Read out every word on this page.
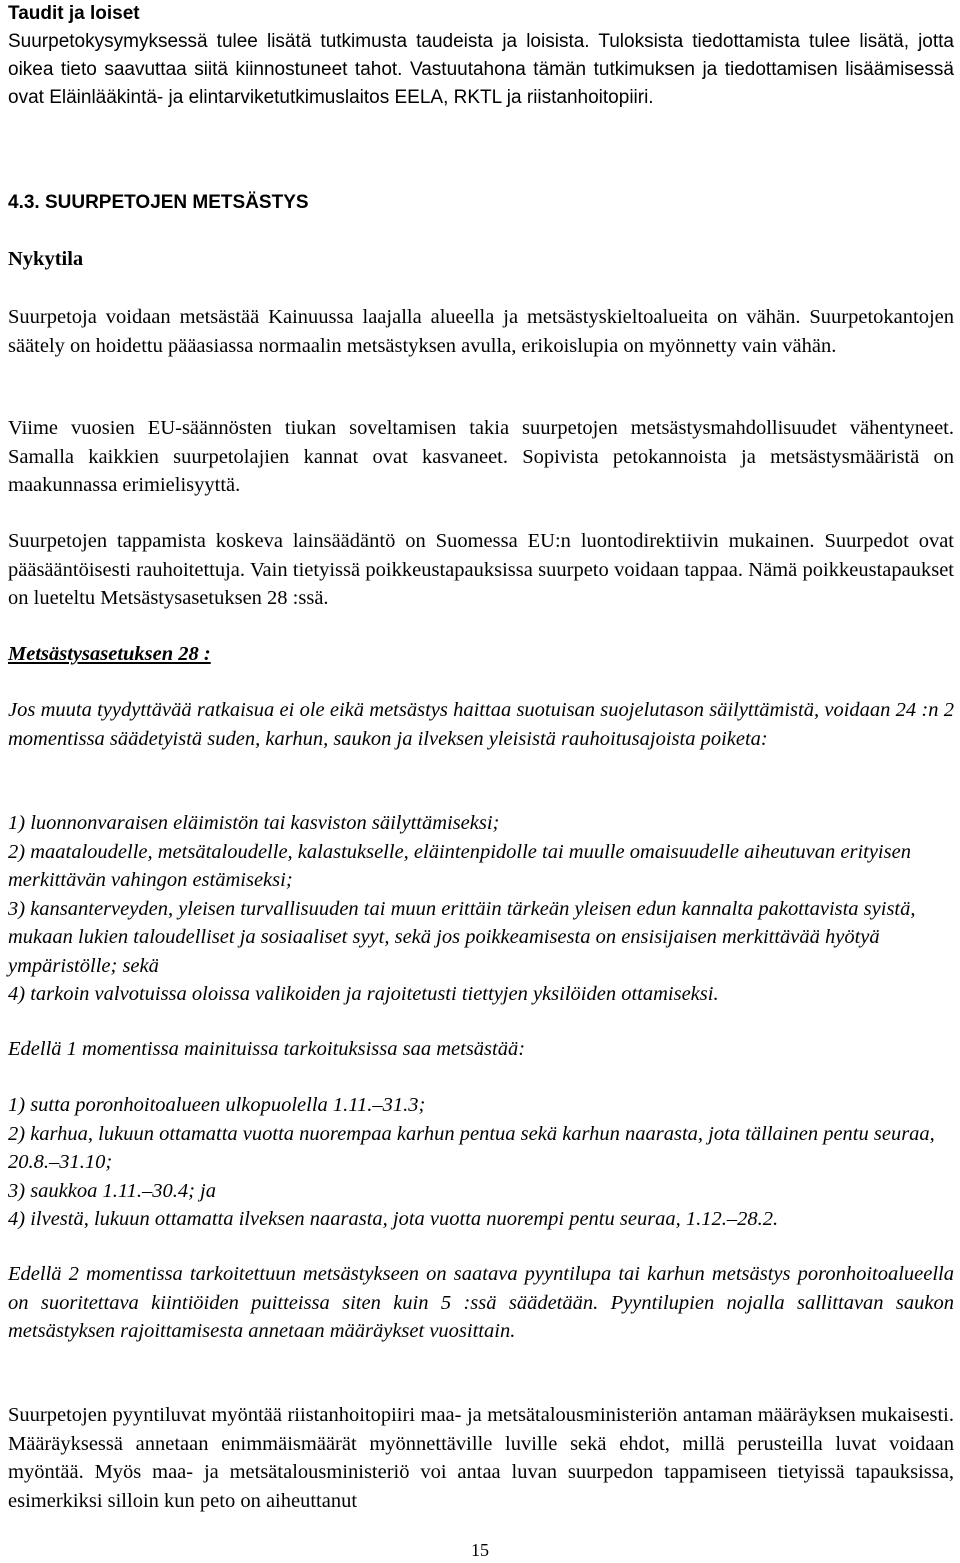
Taudit ja loiset
Suurpetokysymyksessä tulee lisätä tutkimusta taudeista ja loisista. Tuloksista tiedottamista tulee lisätä, jotta oikea tieto saavuttaa siitä kiinnostuneet tahot. Vastuutahona tämän tutkimuksen ja tiedottamisen lisäämisessä ovat Eläinlääkintä- ja elintarviketutkimuslaitos EELA, RKTL ja riistanhoitopiiri.
4.3. SUURPETOJEN METSÄSTYS
Nykytila
Suurpetoja voidaan metsästää Kainuussa laajalla alueella ja metsästyskieltoalueita on vähän. Suurpetokantojen säätely on hoidettu pääasiassa normaalin metsästyksen avulla, erikoislupia on myönnetty vain vähän.
Viime vuosien EU-säännösten tiukan soveltamisen takia suurpetojen metsästysmahdollisuudet vähentyneet. Samalla kaikkien suurpetolajien kannat ovat kasvaneet. Sopivista petokannoista ja metsästysmääristä on maakunnassa erimielisyyttä.
Suurpetojen tappamista koskeva lainsäädäntö on Suomessa EU:n luontodirektiivin mukainen. Suurpedot ovat pääsääntöisesti rauhoitettuja. Vain tietyissä poikkeustapauksissa suurpeto voidaan tappaa. Nämä poikkeustapaukset on lueteltu Metsästysasetuksen 28 :ssä.
Metsästysasetuksen 28 :
Jos muuta tyydyttävää ratkaisua ei ole eikä metsästys haittaa suotuisan suojelutason säilyttämistä, voidaan 24 :n 2 momentissa säädetyistä suden, karhun, saukon ja ilveksen yleisistä rauhoitusajoista poiketa:
1) luonnonvaraisen eläimistön tai kasviston säilyttämiseksi;
2) maataloudelle, metsätaloudelle, kalastukselle, eläintenpidolle tai muulle omaisuudelle aiheutuvan erityisen merkittävän vahingon estämiseksi;
3) kansanterveyden, yleisen turvallisuuden tai muun erittäin tärkeän yleisen edun kannalta pakottavista syistä, mukaan lukien taloudelliset ja sosiaaliset syyt, sekä jos poikkeamisesta on ensisijaisen merkittävää hyötyä ympäristölle; sekä
4) tarkoin valvotuissa oloissa valikoiden ja rajoitetusti tiettyjen yksilöiden ottamiseksi.
Edellä 1 momentissa mainituissa tarkoituksissa saa metsästää:
1) sutta poronhoitoalueen ulkopuolella 1.11.–31.3;
2) karhua, lukuun ottamatta vuotta nuorempaa karhun pentua sekä karhun naarasta, jota tällainen pentu seuraa, 20.8.–31.10;
3) saukkoa 1.11.–30.4; ja
4) ilvestä, lukuun ottamatta ilveksen naarasta, jota vuotta nuorempi pentu seuraa, 1.12.–28.2.
Edellä 2 momentissa tarkoitettuun metsästykseen on saatava pyyntilupa tai karhun metsästys poronhoitoalueella on suoritettava kiintiöiden puitteissa siten kuin 5 :ssä säädetään. Pyyntilupien nojalla sallittavan saukon metsästyksen rajoittamisesta annetaan määräykset vuosittain.
Suurpetojen pyyntiluvat myöntää riistanhoitopiiri maa- ja metsätalousministeriön antaman määräyksen mukaisesti. Määräyksessä annetaan enimmäismäärät myönnettäville luville sekä ehdot, millä perusteilla luvat voidaan myöntää. Myös maa- ja metsätalousministeriö voi antaa luvan suurpedon tappamiseen tietyissä tapauksissa, esimerkiksi silloin kun peto on aiheuttanut
15
